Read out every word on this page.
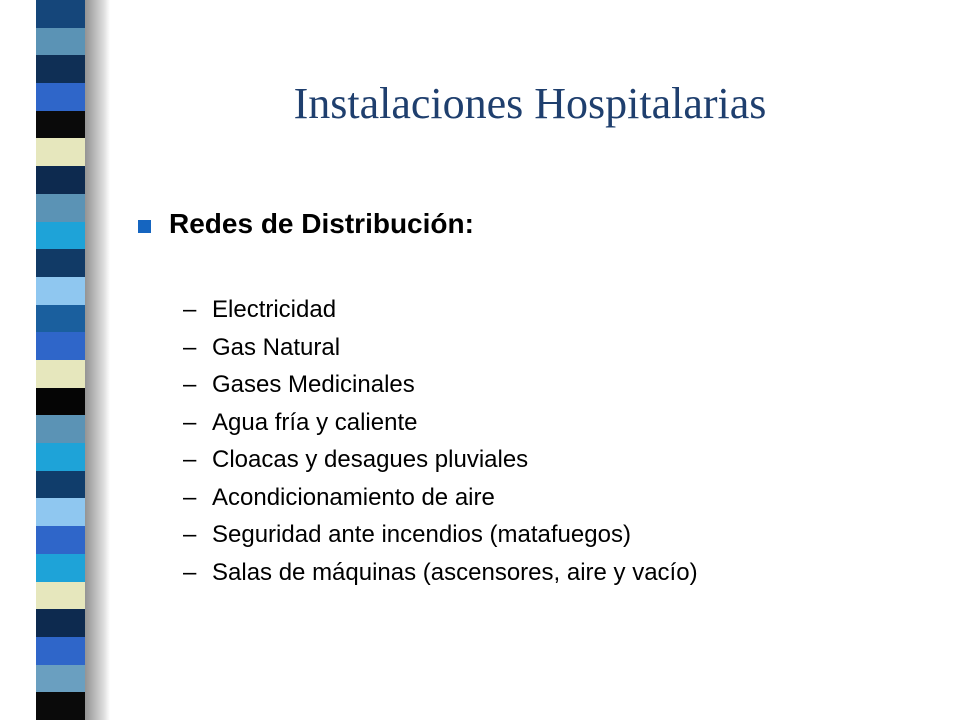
Instalaciones Hospitalarias
Redes de Distribución:
– Electricidad
– Gas Natural
– Gases Medicinales
– Agua fría y caliente
– Cloacas y desagues pluviales
– Acondicionamiento de aire
– Seguridad ante incendios (matafuegos)
– Salas de máquinas (ascensores, aire y vacío)
